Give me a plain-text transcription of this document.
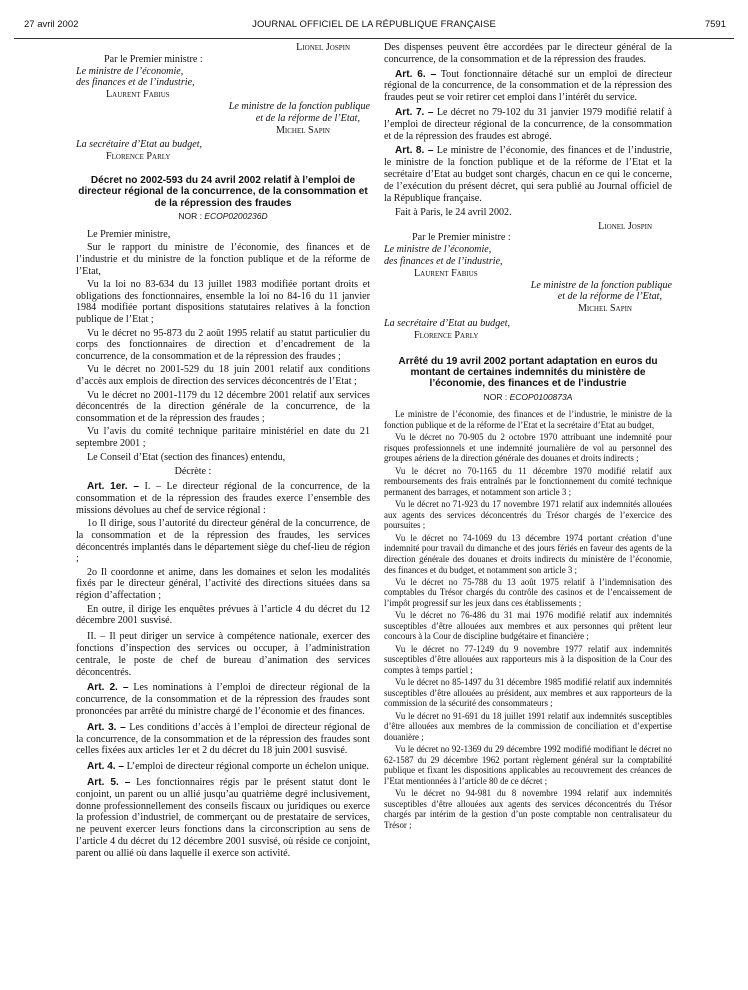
27 avril 2002	JOURNAL OFFICIEL DE LA RÉPUBLIQUE FRANÇAISE	7591

Lionel Jospin

Par le Premier ministre :

Le ministre de l’économie,

des finances et de l’industrie,

Laurent Fabius

Le ministre de la fonction publique

et de la réforme de l’Etat,

Michel Sapin

La secrétaire d’Etat au budget,

Florence Parly

Décret no 2002-593 du 24 avril 2002 relatif à l’emploi de directeur régional de la concurrence, de la consommation et de la répression des fraudes
NOR : ECOP0200236D

Le Premier ministre,

Sur le rapport du ministre de l’économie, des finances et de l’industrie et du ministre de la fonction publique et de la réforme de l’Etat,

Vu la loi no 83-634 du 13 juillet 1983 modifiée portant droits et obligations des fonctionnaires, ensemble la loi no 84-16 du 11 janvier 1984 modifiée portant dispositions statutaires relatives à la fonction publique de l’Etat ;

Vu le décret no 95-873 du 2 août 1995 relatif au statut particulier du corps des fonctionnaires de direction et d’encadrement de la concurrence, de la consommation et de la répression des fraudes ;

Vu le décret no 2001-529 du 18 juin 2001 relatif aux conditions d’accès aux emplois de direction des services déconcentrés de l’Etat ;

Vu le décret no 2001-1179 du 12 décembre 2001 relatif aux services déconcentrés de la direction générale de la concurrence, de la consommation et de la répression des fraudes ;

Vu l’avis du comité technique paritaire ministériel en date du 21 septembre 2001 ;

Le Conseil d’Etat (section des finances) entendu,

Décrète :

Art. 1er. – I. – Le directeur régional de la concurrence, de la consommation et de la répression des fraudes exerce l’ensemble des missions dévolues au chef de service régional :

1o Il dirige, sous l’autorité du directeur général de la concurrence, de la consommation et de la répression des fraudes, les services déconcentrés implantés dans le département siège du chef-lieu de région ;

2o Il coordonne et anime, dans les domaines et selon les modalités fixés par le directeur général, l’activité des directions situées dans sa région d’affectation ;

En outre, il dirige les enquêtes prévues à l’article 4 du décret du 12 décembre 2001 susvisé.

II. – Il peut diriger un service à compétence nationale, exercer des fonctions d’inspection des services ou occuper, à l’administration centrale, le poste de chef de bureau d’animation des services déconcentrés.

Art. 2. – Les nominations à l’emploi de directeur régional de la concurrence, de la consommation et de la répression des fraudes sont prononcées par arrêté du ministre chargé de l’économie et des finances.

Art. 3. – Les conditions d’accès à l’emploi de directeur régional de la concurrence, de la consommation et de la répression des fraudes sont celles fixées aux articles 1er et 2 du décret du 18 juin 2001 susvisé.

Art. 4. – L’emploi de directeur régional comporte un échelon unique.

Art. 5. – Les fonctionnaires régis par le présent statut dont le conjoint, un parent ou un allié jusqu’au quatrième degré inclusivement, donne professionnellement des conseils fiscaux ou juridiques ou exerce la profession d’industriel, de commerçant ou de prestataire de services, ne peuvent exercer leurs fonctions dans la circonscription au sens de l’article 4 du décret du 12 décembre 2001 susvisé, où réside ce conjoint, parent ou allié où dans laquelle il exerce son activité.

Des dispenses peuvent être accordées par le directeur général de la concurrence, de la consommation et de la répression des fraudes.

Art. 6. – Tout fonctionnaire détaché sur un emploi de directeur régional de la concurrence, de la consommation et de la répression des fraudes peut se voir retirer cet emploi dans l’intérêt du service.

Art. 7. – Le décret no 79-102 du 31 janvier 1979 modifié relatif à l’emploi de directeur régional de la concurrence, de la consommation et de la répression des fraudes est abrogé.

Art. 8. – Le ministre de l’économie, des finances et de l’industrie, le ministre de la fonction publique et de la réforme de l’Etat et la secrétaire d’Etat au budget sont chargés, chacun en ce qui le concerne, de l’exécution du présent décret, qui sera publié au Journal officiel de la République française.

Fait à Paris, le 24 avril 2002.

Lionel Jospin

Par le Premier ministre :

Le ministre de l’économie,

des finances et de l’industrie,

Laurent Fabius

Le ministre de la fonction publique

et de la réforme de l’Etat,

Michel Sapin

La secrétaire d’Etat au budget,

Florence Parly

Arrêté du 19 avril 2002 portant adaptation en euros du montant de certaines indemnités du ministère de l’économie, des finances et de l’industrie
NOR : ECOP0100873A

Le ministre de l’économie, des finances et de l’industrie, le ministre de la fonction publique et de la réforme de l’Etat et la secrétaire d’Etat au budget,

Vu le décret no 70-905 du 2 octobre 1970 attribuant une indemnité pour risques professionnels et une indemnité journalière de vol au personnel des groupes aériens de la direction générale des douanes et droits indirects ;

Vu le décret no 70-1165 du 11 décembre 1970 modifié relatif aux remboursements des frais entraînés par le fonctionnement du comité technique permanent des barrages, et notamment son article 3 ;

Vu le décret no 71-923 du 17 novembre 1971 relatif aux indemnités allouées aux agents des services déconcentrés du Trésor chargés de l’exercice des poursuites ;

Vu le décret no 74-1069 du 13 décembre 1974 portant création d’une indemnité pour travail du dimanche et des jours fériés en faveur des agents de la direction générale des douanes et droits indirects du ministère de l’économie, des finances et du budget, et notamment son article 3 ;

Vu le décret no 75-788 du 13 août 1975 relatif à l’indemnisation des comptables du Trésor chargés du contrôle des casinos et de l’encaissement de l’impôt progressif sur les jeux dans ces établissements ;

Vu le décret no 76-486 du 31 mai 1976 modifié relatif aux indemnités susceptibles d’être allouées aux membres et aux personnes qui prêtent leur concours à la Cour de discipline budgétaire et financière ;

Vu le décret no 77-1249 du 9 novembre 1977 relatif aux indemnités susceptibles d’être allouées aux rapporteurs mis à la disposition de la Cour des comptes à temps partiel ;

Vu le décret no 85-1497 du 31 décembre 1985 modifié relatif aux indemnités susceptibles d’être allouées au président, aux membres et aux rapporteurs de la commission de la sécurité des consommateurs ;

Vu le décret no 91-691 du 18 juillet 1991 relatif aux indemnités susceptibles d’être allouées aux membres de la commission de conciliation et d’expertise douanière ;

Vu le décret no 92-1369 du 29 décembre 1992 modifié modifiant le décret no 62-1587 du 29 décembre 1962 portant règlement général sur la comptabilité publique et fixant les dispositions applicables au recouvrement des créances de l’Etat mentionnées à l’article 80 de ce décret ;

Vu le décret no 94-981 du 8 novembre 1994 relatif aux indemnités susceptibles d’être allouées aux agents des services déconcentrés du Trésor chargés par intérim de la gestion d’un poste comptable non centralisateur du Trésor ;
